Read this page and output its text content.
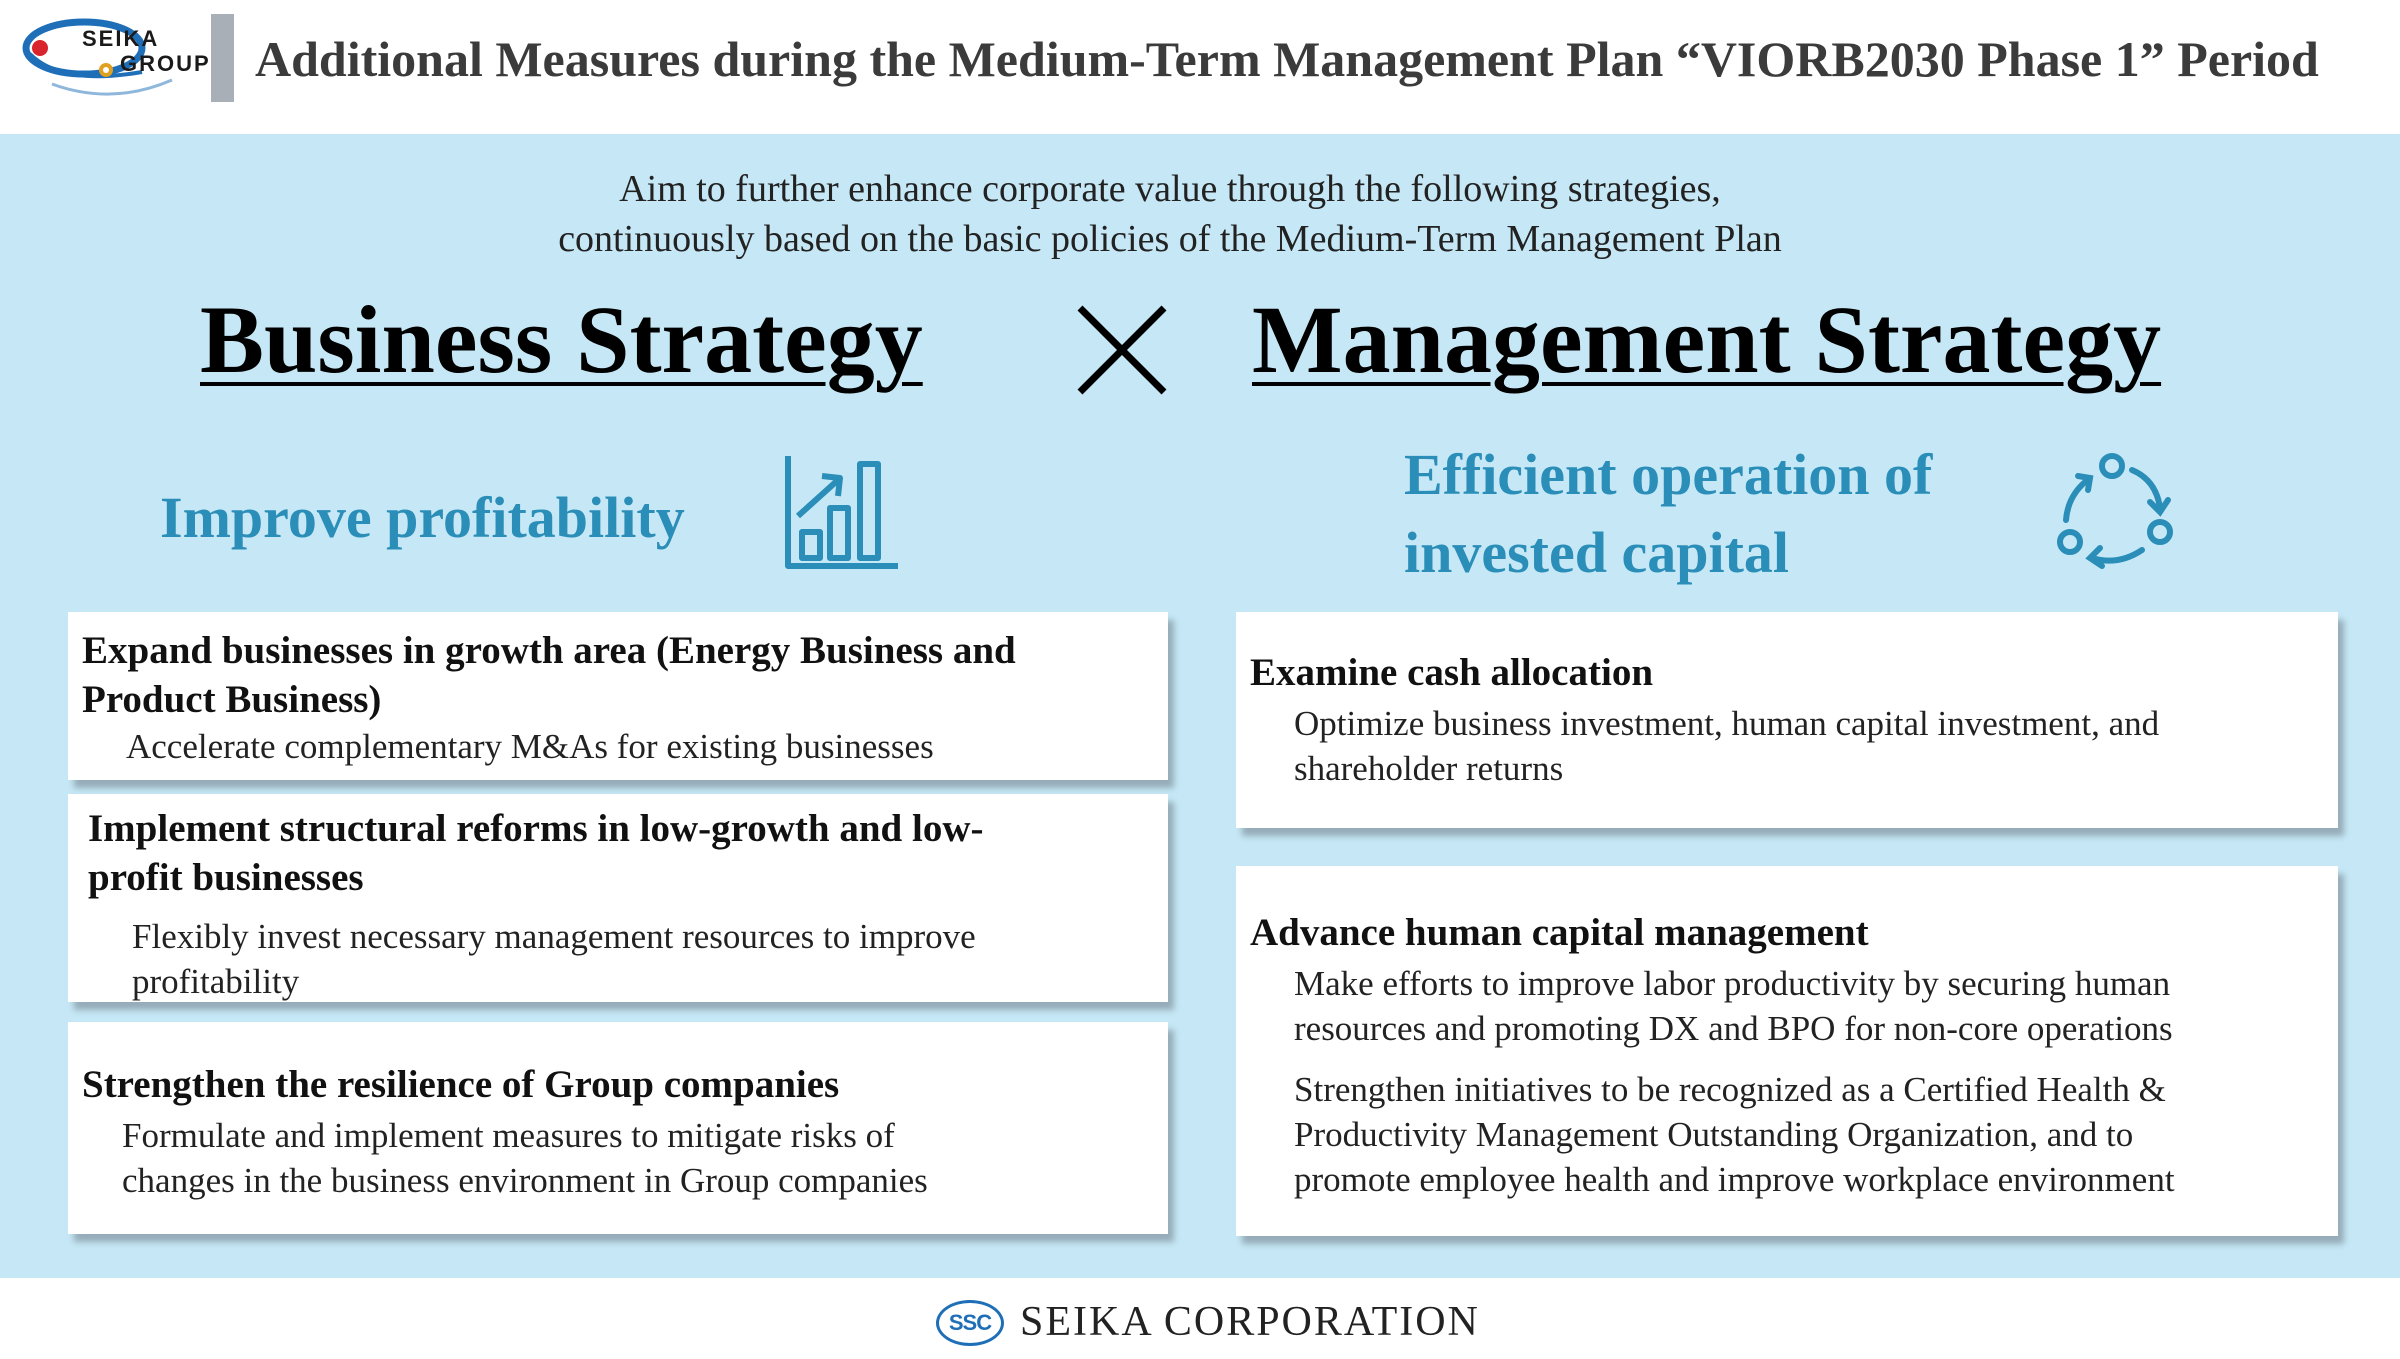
SEIKA
GROUP Additional Measures during the Medium-Term Management Plan “VIORB2030 Phase 1” Period
Aim to further enhance corporate value through the following strategies,
continuously based on the basic policies of the Medium-Term Management Plan
Business Strategy	Management Strategy
Improve profitability
Efficient operation of
invested capital
Expand businesses in growth area (Energy Business and
Product Business)
Accelerate complementary M&As for existing businesses
Implement structural reforms in low-growth and low-
profit businesses
Flexibly invest necessary management resources to improve
profitability
Strengthen the resilience of Group companies
Formulate and implement measures to mitigate risks of
changes in the business environment in Group companies
Examine cash allocation
Optimize business investment, human capital investment, and
shareholder returns
Advance human capital management
Make efforts to improve labor productivity by securing human
resources and promoting DX and BPO for non-core operations
Strengthen initiatives to be recognized as a Certified Health &
Productivity Management Outstanding Organization, and to
promote employee health and improve workplace environment
SSC SEIKA CORPORATION
